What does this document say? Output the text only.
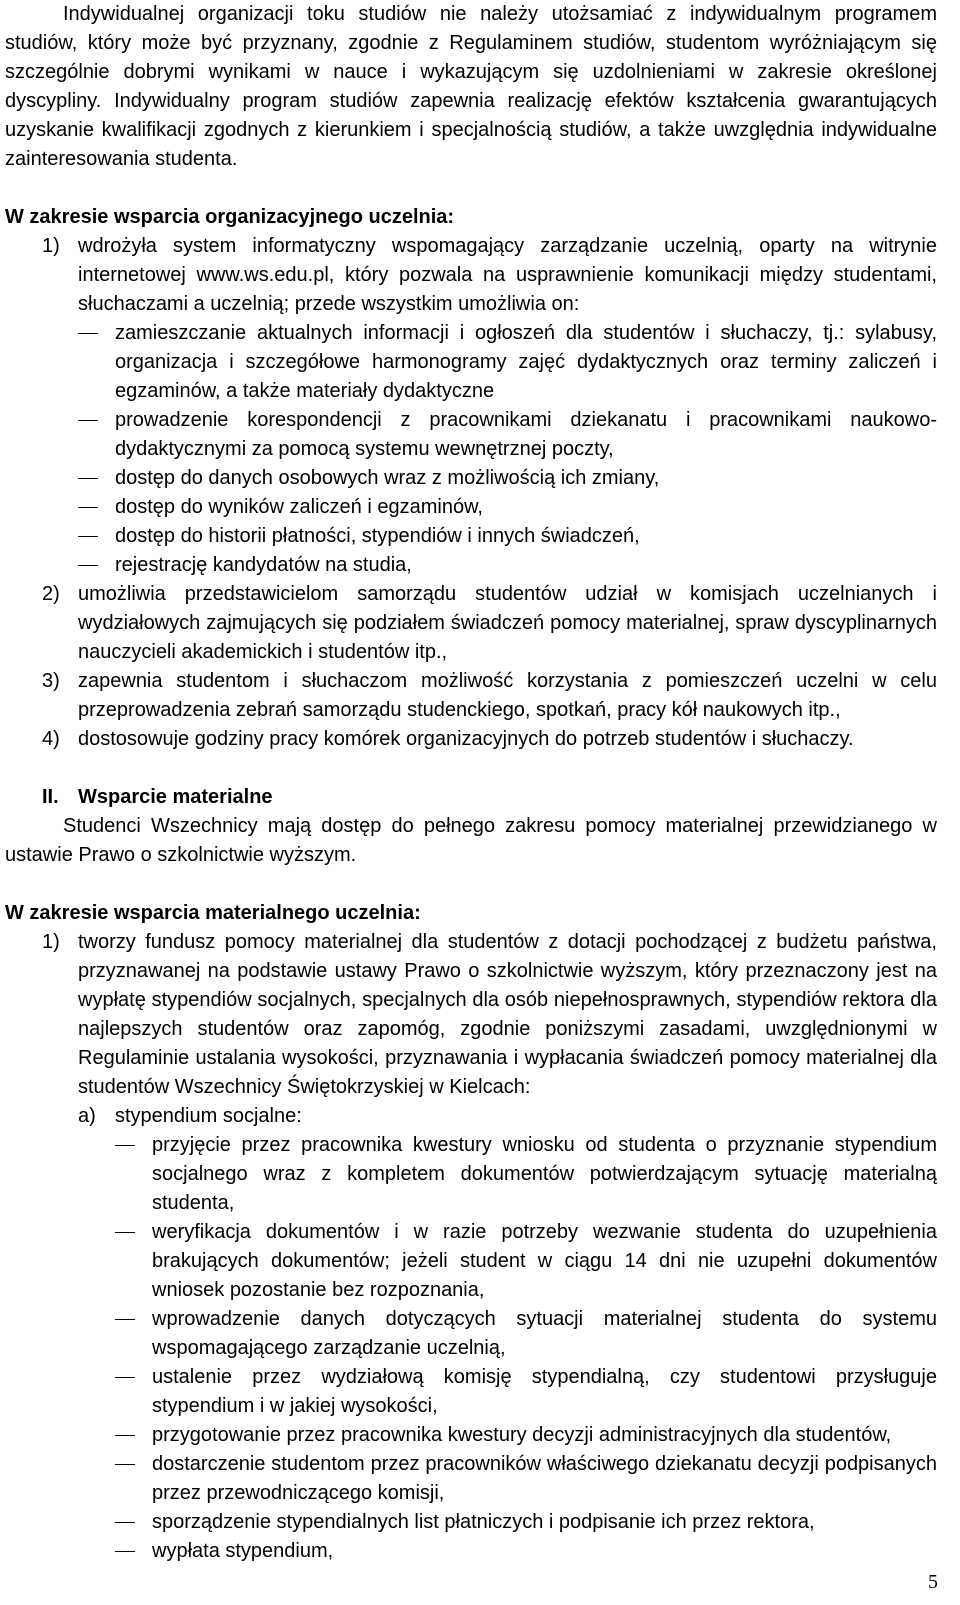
Indywidualnej organizacji toku studiów nie należy utożsamiać z indywidualnym programem studiów, który może być przyznany, zgodnie z Regulaminem studiów, studentom wyróżniającym się szczególnie dobrymi wynikami w nauce i wykazującym się uzdolnieniami w zakresie określonej dyscypliny. Indywidualny program studiów zapewnia realizację efektów kształcenia gwarantujących uzyskanie kwalifikacji zgodnych z kierunkiem i specjalnością studiów, a także uwzględnia indywidualne zainteresowania studenta.

W zakresie wsparcia organizacyjnego uczelnia:

1) wdrożyła system informatyczny wspomagający zarządzanie uczelnią, oparty na witrynie internetowej www.ws.edu.pl, który pozwala na usprawnienie komunikacji między studentami, słuchaczami a uczelnią; przede wszystkim umożliwia on:
zamieszczanie aktualnych informacji i ogłoszeń dla studentów i słuchaczy, tj.: sylabusy, organizacja i szczegółowe harmonogramy zajęć dydaktycznych oraz terminy zaliczeń i egzaminów, a także materiały dydaktyczne
prowadzenie korespondencji z pracownikami dziekanatu i pracownikami naukowo-dydaktycznymi za pomocą systemu wewnętrznej poczty,
dostęp do danych osobowych wraz z możliwością ich zmiany,
dostęp do wyników zaliczeń i egzaminów,
dostęp do historii płatności, stypendiów i innych świadczeń,
rejestrację kandydatów na studia,
2) umożliwia przedstawicielom samorządu studentów udział w komisjach uczelnianych i wydziałowych zajmujących się podziałem świadczeń pomocy materialnej, spraw dyscyplinarnych nauczycieli akademickich i studentów itp.,
3) zapewnia studentom i słuchaczom możliwość korzystania z pomieszczeń uczelni w celu przeprowadzenia zebrań samorządu studenckiego, spotkań, pracy kół naukowych itp.,
4) dostosowuje godziny pracy komórek organizacyjnych do potrzeb studentów i słuchaczy.
II. Wsparcie materialne

Studenci Wszechnicy mają dostęp do pełnego zakresu pomocy materialnej przewidzianego w ustawie Prawo o szkolnictwie wyższym.

W zakresie wsparcia materialnego uczelnia:

1) tworzy fundusz pomocy materialnej dla studentów z dotacji pochodzącej z budżetu państwa, przyznawanej na podstawie ustawy Prawo o szkolnictwie wyższym, który przeznaczony jest na wypłatę stypendiów socjalnych, specjalnych dla osób niepełnosprawnych, stypendiów rektora dla najlepszych studentów oraz zapomóg, zgodnie poniższymi zasadami, uwzględnionymi w Regulaminie ustalania wysokości, przyznawania i wypłacania świadczeń pomocy materialnej dla studentów Wszechnicy Świętokrzyskiej w Kielcach:
a) stypendium socjalne:
przyjęcie przez pracownika kwestury wniosku od studenta o przyznanie stypendium socjalnego wraz z kompletem dokumentów potwierdzającym sytuację materialną studenta,
weryfikacja dokumentów i w razie potrzeby wezwanie studenta do uzupełnienia brakujących dokumentów; jeżeli student w ciągu 14 dni nie uzupełni dokumentów wniosek pozostanie bez rozpoznania,
wprowadzenie danych dotyczących sytuacji materialnej studenta do systemu wspomagającego zarządzanie uczelnią,
ustalenie przez wydziałową komisję stypendialną, czy studentowi przysługuje stypendium i w jakiej wysokości,
przygotowanie przez pracownika kwestury decyzji administracyjnych dla studentów,
dostarczenie studentom przez pracowników właściwego dziekanatu decyzji podpisanych przez przewodniczącego komisji,
sporządzenie stypendialnych list płatniczych i podpisanie ich przez rektora,
wypłata stypendium,
5
